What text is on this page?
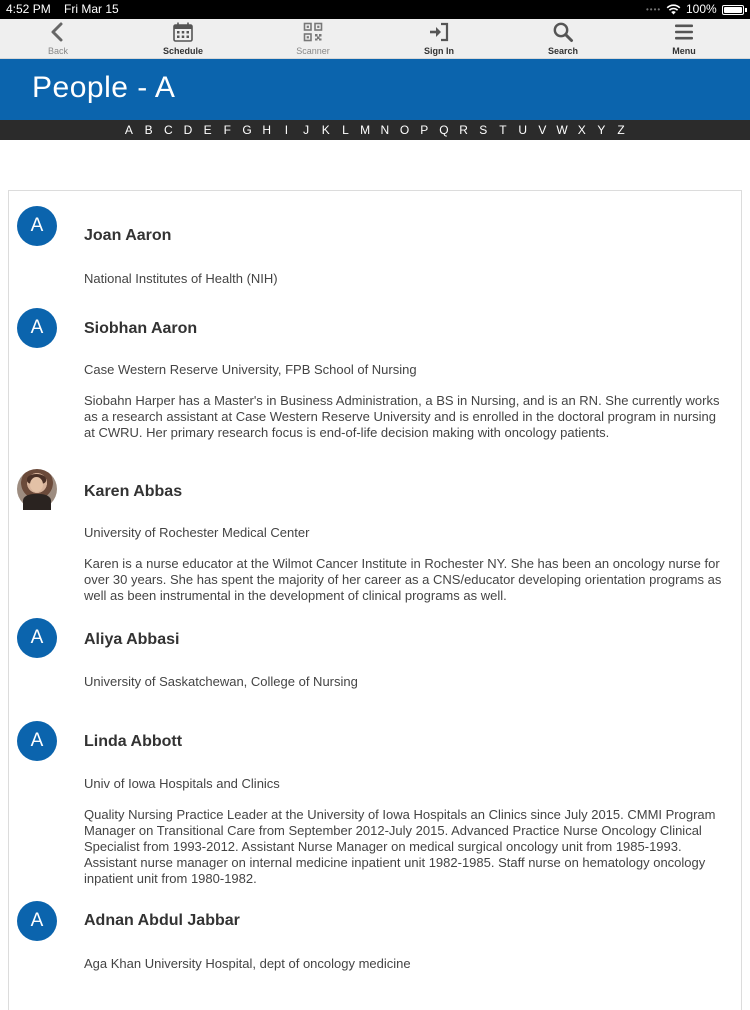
4:52 PM Fri Mar 15	•••• 100%
Back	Schedule	Scanner	Sign In	Search	Menu
People - A
A B C D E	F G H	I	J	K	L M N O P Q R S	T U V W X Y	Z
A	Joan Aaron
National Institutes of Health (NIH)
A	Siobhan Aaron
Case Western Reserve University, FPB School of Nursing
Siobahn Harper has a Master's in Business Administration, a BS in Nursing, and is an RN. She currently works as a research assistant at Case Western Reserve University and is enrolled in the doctoral program in nursing at CWRU. Her primary research focus is end-of-life decision making with oncology patients.
Karen Abbas
University of Rochester Medical Center
Karen is a nurse educator at the Wilmot Cancer Institute in Rochester NY. She has been an oncology nurse for over 30 years. She has spent the majority of her career as a CNS/educator developing orientation programs as well as been instrumental in the development of clinical programs as well.
A	Aliya Abbasi
University of Saskatchewan, College of Nursing
A	Linda Abbott
Univ of Iowa Hospitals and Clinics
Quality Nursing Practice Leader at the University of Iowa Hospitals an Clinics since July 2015. CMMI Program Manager on Transitional Care from September 2012-July 2015. Advanced Practice Nurse Oncology Clinical Specialist from 1993-2012. Assistant Nurse Manager on medical surgical oncology unit from 1985-1993. Assistant nurse manager on internal medicine inpatient unit 1982-1985. Staff nurse on hematology oncology inpatient unit from 1980-1982.
A	Adnan Abdul Jabbar
Aga Khan University Hospital, dept of oncology medicine
